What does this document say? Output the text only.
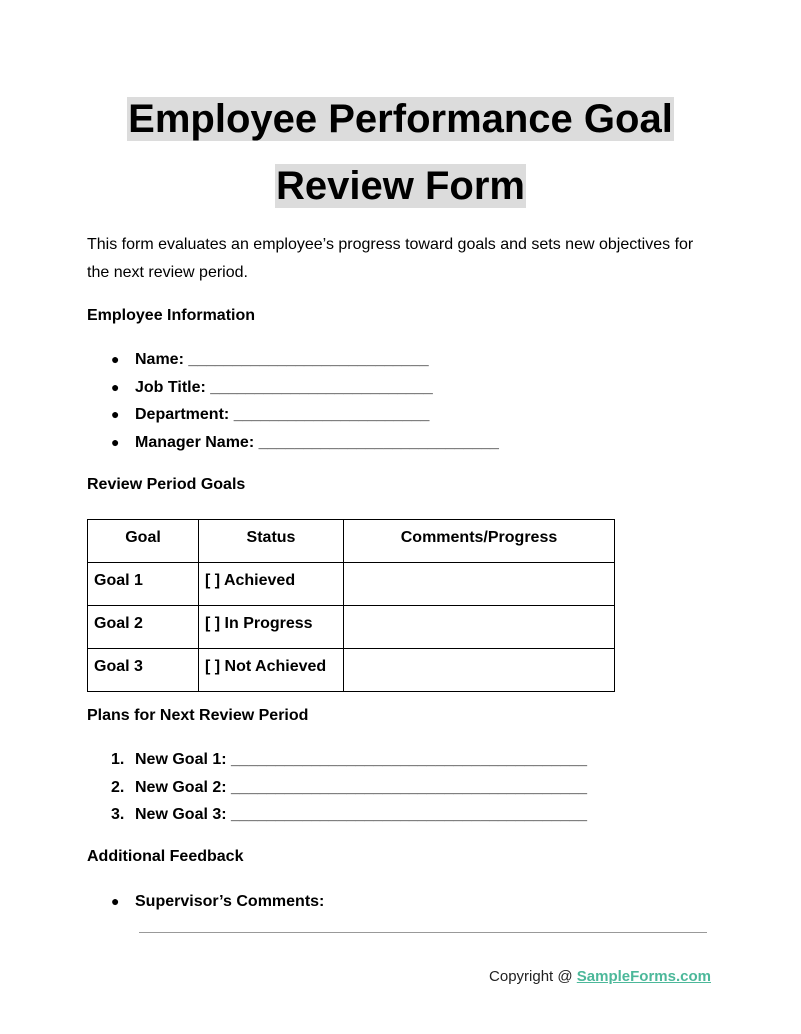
Employee Performance Goal
Review Form
This form evaluates an employee’s progress toward goals and sets new objectives for the next review period.
Employee Information
● Name: ___________________________
● Job Title: _________________________
● Department: ______________________
● Manager Name: ___________________________
Review Period Goals
Goal	Status	Comments/Progress
Goal 1	[ ] Achieved	
Goal 2	[ ] In Progress	
Goal 3	[ ] Not Achieved	
Plans for Next Review Period
1. New Goal 1: ________________________________________
2. New Goal 2: ________________________________________
3. New Goal 3: ________________________________________
Additional Feedback
● Supervisor’s Comments:
Copyright @ SampleForms.com
